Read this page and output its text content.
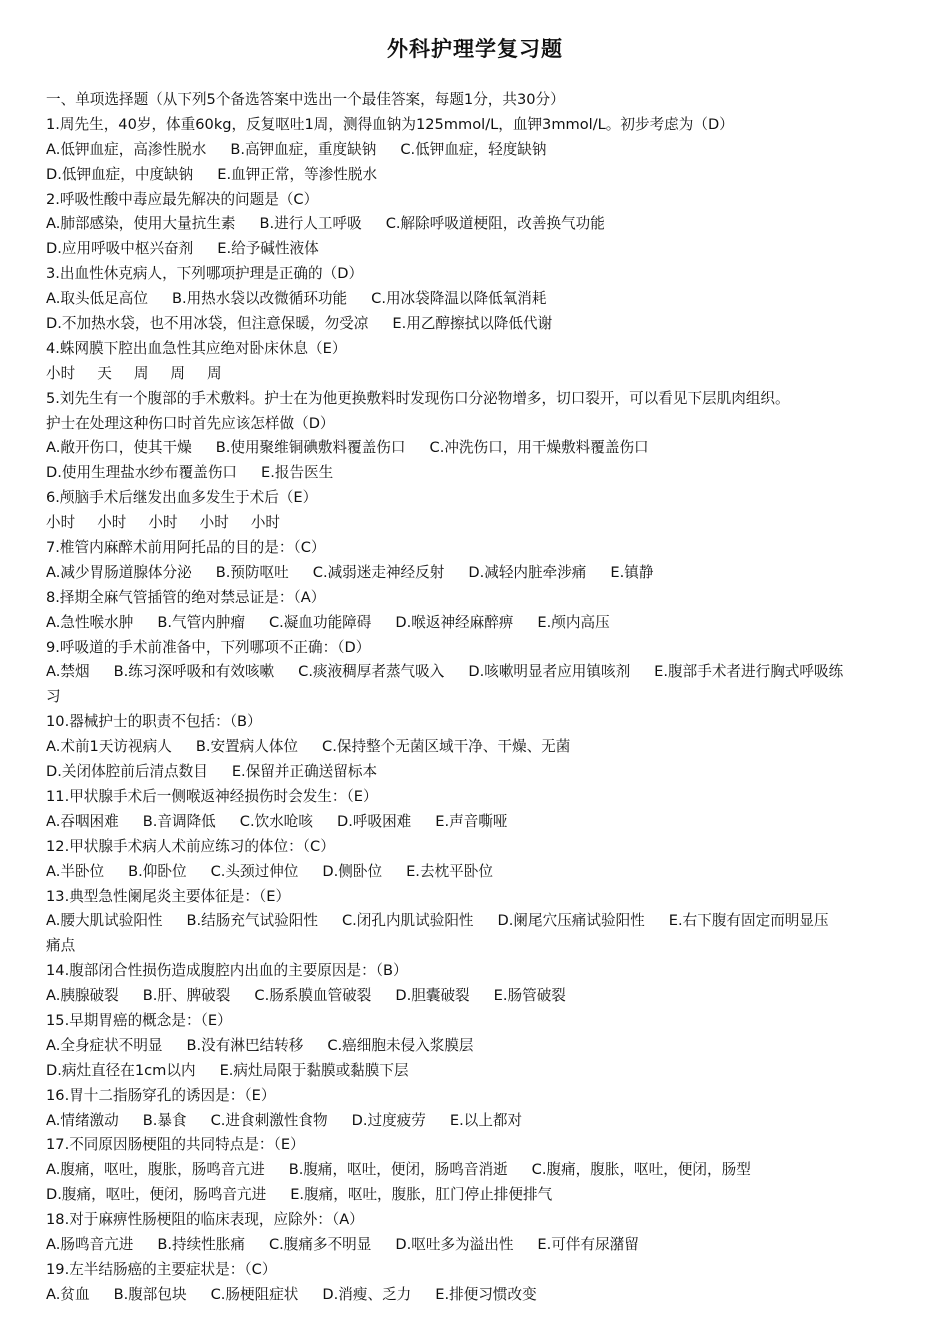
外科护理学复习题
一、单项选择题（从下列5个备选答案中选出一个最佳答案，每题1分，共30分）
1.周先生，40岁，体重60kg，反复呕吐1周，测得血钠为125mmol/L，血钾3mmol/L。初步考虑为（D）
A.低钾血症，高渗性脱水 B.高钾血症，重度缺钠 C.低钾血症，轻度缺钠
D.低钾血症，中度缺钠 E.血钾正常，等渗性脱水
2.呼吸性酸中毒应最先解决的问题是（C）
A.肺部感染，使用大量抗生素 B.进行人工呼吸 C.解除呼吸道梗阻，改善换气功能
D.应用呼吸中枢兴奋剂 E.给予碱性液体
3.出血性休克病人，下列哪项护理是正确的（D）
A.取头低足高位 B.用热水袋以改微循环功能 C.用冰袋降温以降低氧消耗
D.不加热水袋，也不用冰袋，但注意保暖，勿受凉 E.用乙醇擦拭以降低代谢
4.蛛网膜下腔出血急性其应绝对卧床休息（E）
小时 天 周 周 周
5.刘先生有一个腹部的手术敷料。护士在为他更换敷料时发现伤口分泌物增多，切口裂开，可以看见下层肌肉组织。
护士在处理这种伤口时首先应该怎样做（D）
A.敞开伤口，使其干燥 B.使用聚维铜碘敷料覆盖伤口 C.冲洗伤口，用干燥敷料覆盖伤口
D.使用生理盐水纱布覆盖伤口 E.报告医生
6.颅脑手术后继发出血多发生于术后（E）
小时 小时 小时 小时 小时
7.椎管内麻醉术前用阿托品的目的是：（C）
A.减少胃肠道腺体分泌 B.预防呕吐 C.减弱迷走神经反射 D.减轻内脏牵涉痛 E.镇静
8.择期全麻气管插管的绝对禁忌证是：（A）
A.急性喉水肿 B.气管内肿瘤 C.凝血功能障碍 D.喉返神经麻醉痹 E.颅内高压
9.呼吸道的手术前准备中，下列哪项不正确：（D）
A.禁烟 B.练习深呼吸和有效咳嗽 C.痰液稠厚者蒸气吸入 D.咳嗽明显者应用镇咳剂 E.腹部手术者进行胸式呼吸练
习
10.器械护士的职责不包括：（B）
A.术前1天访视病人 B.安置病人体位 C.保持整个无菌区域干净、干燥、无菌
D.关闭体腔前后清点数目 E.保留并正确送留标本
11.甲状腺手术后一侧喉返神经损伤时会发生：（E）
A.吞咽困难 B.音调降低 C.饮水呛咳 D.呼吸困难 E.声音嘶哑
12.甲状腺手术病人术前应练习的体位：（C）
A.半卧位 B.仰卧位 C.头颈过伸位 D.侧卧位 E.去枕平卧位
13.典型急性阑尾炎主要体征是：（E）
A.腰大肌试验阳性 B.结肠充气试验阳性 C.闭孔内肌试验阳性 D.阑尾穴压痛试验阳性 E.右下腹有固定而明显压
痛点
14.腹部闭合性损伤造成腹腔内出血的主要原因是：（B）
A.胰腺破裂 B.肝、脾破裂 C.肠系膜血管破裂 D.胆囊破裂 E.肠管破裂
15.早期胃癌的概念是：（E）
A.全身症状不明显 B.没有淋巴结转移 C.癌细胞未侵入浆膜层
D.病灶直径在1cm以内 E.病灶局限于黏膜或黏膜下层
16.胃十二指肠穿孔的诱因是：（E）
A.情绪激动 B.暴食 C.进食刺激性食物 D.过度疲劳 E.以上都对
17.不同原因肠梗阻的共同特点是：（E）
A.腹痛，呕吐，腹胀，肠鸣音亢进 B.腹痛，呕吐，便闭，肠鸣音消逝 C.腹痛，腹胀，呕吐，便闭，肠型
D.腹痛，呕吐，便闭，肠鸣音亢进 E.腹痛，呕吐，腹胀，肛门停止排便排气
18.对于麻痹性肠梗阻的临床表现，应除外：（A）
A.肠鸣音亢进 B.持续性胀痛 C.腹痛多不明显 D.呕吐多为溢出性 E.可伴有尿潴留
19.左半结肠癌的主要症状是：（C）
A.贫血 B.腹部包块 C.肠梗阻症状 D.消瘦、乏力 E.排便习惯改变
